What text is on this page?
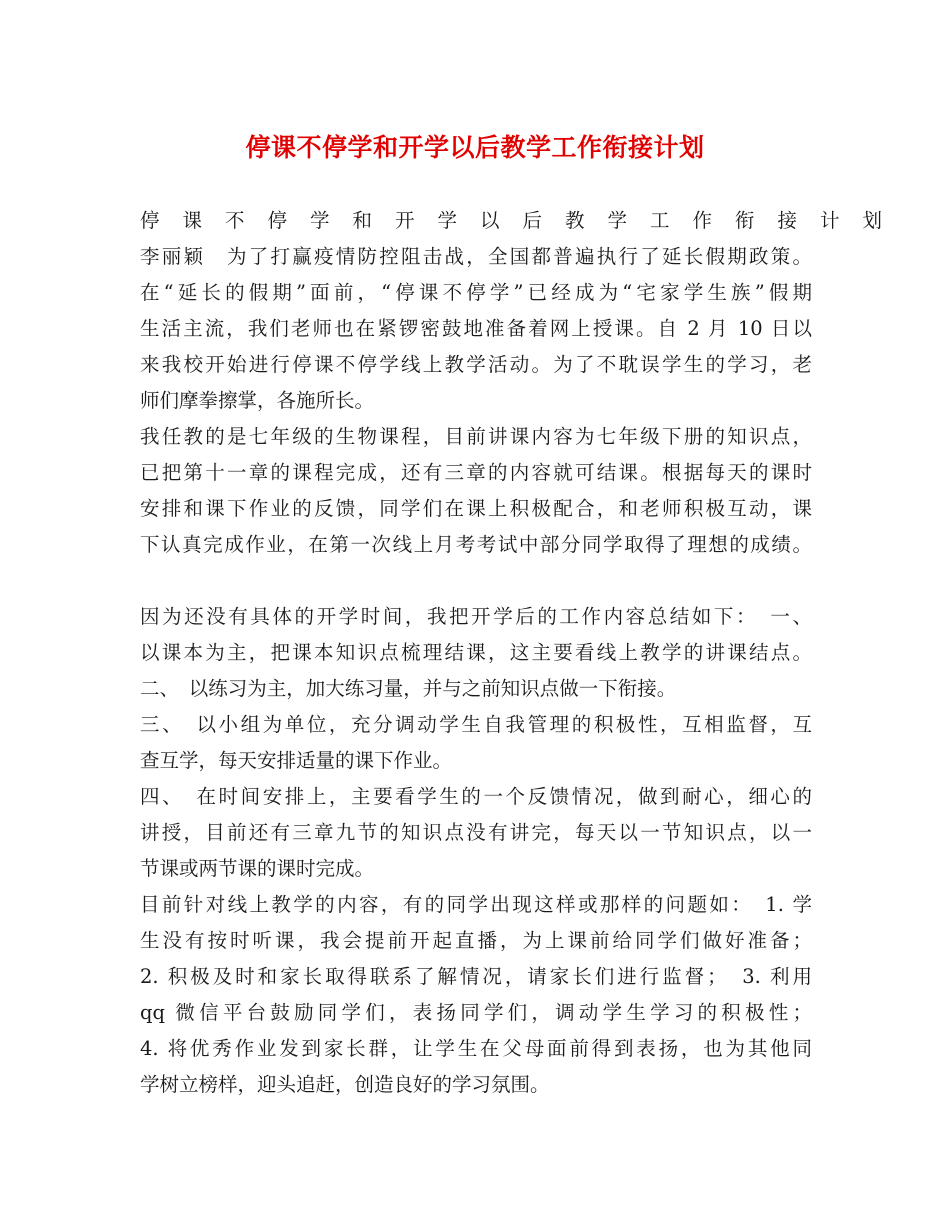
停课不停学和开学以后教学工作衔接计划
停课不停学和开学以后教学工作衔接计划
李丽颖　为了打赢疫情防控阻击战，全国都普遍执行了延长假期政策。
在“延长的假期”面前，“停课不停学”已经成为“宅家学生族”假期
生活主流，我们老师也在紧锣密鼓地准备着网上授课。自 2 月 10 日以
来我校开始进行停课不停学线上教学活动。为了不耽误学生的学习，老
师们摩拳擦掌，各施所长。
我任教的是七年级的生物课程，目前讲课内容为七年级下册的知识点，
已把第十一章的课程完成，还有三章的内容就可结课。根据每天的课时
安排和课下作业的反馈，同学们在课上积极配合，和老师积极互动，课
下认真完成作业，在第一次线上月考考试中部分同学取得了理想的成绩。
因为还没有具体的开学时间，我把开学后的工作内容总结如下：　一、
以课本为主，把课本知识点梳理结课，这主要看线上教学的讲课结点。
二、　以练习为主，加大练习量，并与之前知识点做一下衔接。
三、　以小组为单位，充分调动学生自我管理的积极性，互相监督，互
查互学，每天安排适量的课下作业。
四、　在时间安排上，主要看学生的一个反馈情况，做到耐心，细心的
讲授，目前还有三章九节的知识点没有讲完，每天以一节知识点，以一
节课或两节课的课时完成。
目前针对线上教学的内容，有的同学出现这样或那样的问题如：　1. 学
生没有按时听课，我会提前开起直播，为上课前给同学们做好准备；
2. 积极及时和家长取得联系了解情况，请家长们进行监督；　3. 利用
qq 微信平台鼓励同学们，表扬同学们，调动学生学习的积极性；
4. 将优秀作业发到家长群，让学生在父母面前得到表扬，也为其他同
学树立榜样，迎头追赶，创造良好的学习氛围。
